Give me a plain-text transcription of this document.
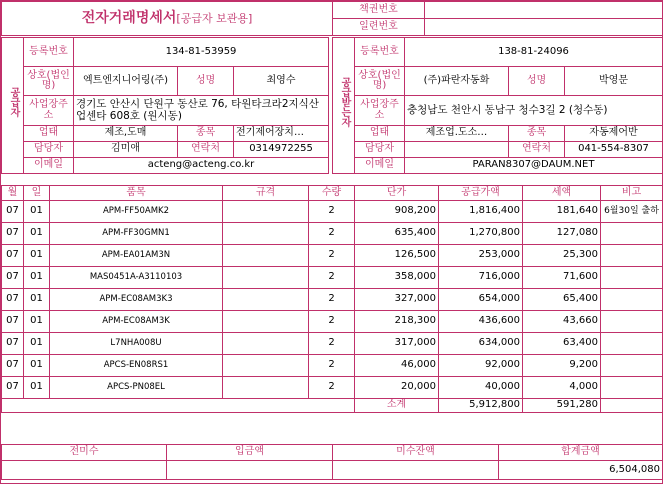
전자거래명세서[공급자 보관용]	책권번호	
	일련번호	
공급자	등록번호	134-81-53959				공급받는자	등록번호	138-81-24096		
	상호(법인명)	엑트엔지니어링(주)	성명	최영수			상호(법인명)	(주)파란자동화	성명	박영문
	사업장주소	경기도 안산시 단원구 동산로 76, 타원타크라2지식산업센타 608호 (원시동)					사업장주소	충청남도 천안시 동남구 청수3길 2 (청수동)		
	업태	제조,도매	종목	전기제어장치…			업태	제조업.도소…	종목	자동제어반
	담당자	김미애	연락처	0314972255			담당자		연락처	041-554-8307
	이메일	acteng@acteng.co.kr					이메일	PARAN8307@DAUM.NET		
월	일	품목	규격	수량	단가	공급가액	세액	비고
07	01	APM-FF50AMK2		2	908,200	1,816,400	181,640	6월30일 출하
07	01	APM-FF30GMN1		2	635,400	1,270,800	127,080	
07	01	APM-EA01AM3N		2	126,500	253,000	25,300	
07	01	MAS0451A-A3110103		2	358,000	716,000	71,600	
07	01	APM-EC08AM3K3		2	327,000	654,000	65,400	
07	01	APM-EC08AM3K		2	218,300	436,600	43,660	
07	01	L7NHA008U		2	317,000	634,000	63,400	
07	01	APCS-EN08RS1		2	46,000	92,000	9,200	
07	01	APCS-PN08EL		2	20,000	40,000	4,000	
					소계	5,912,800	591,280	
전미수	입금액	미수잔액	합계금액
			6,504,080
